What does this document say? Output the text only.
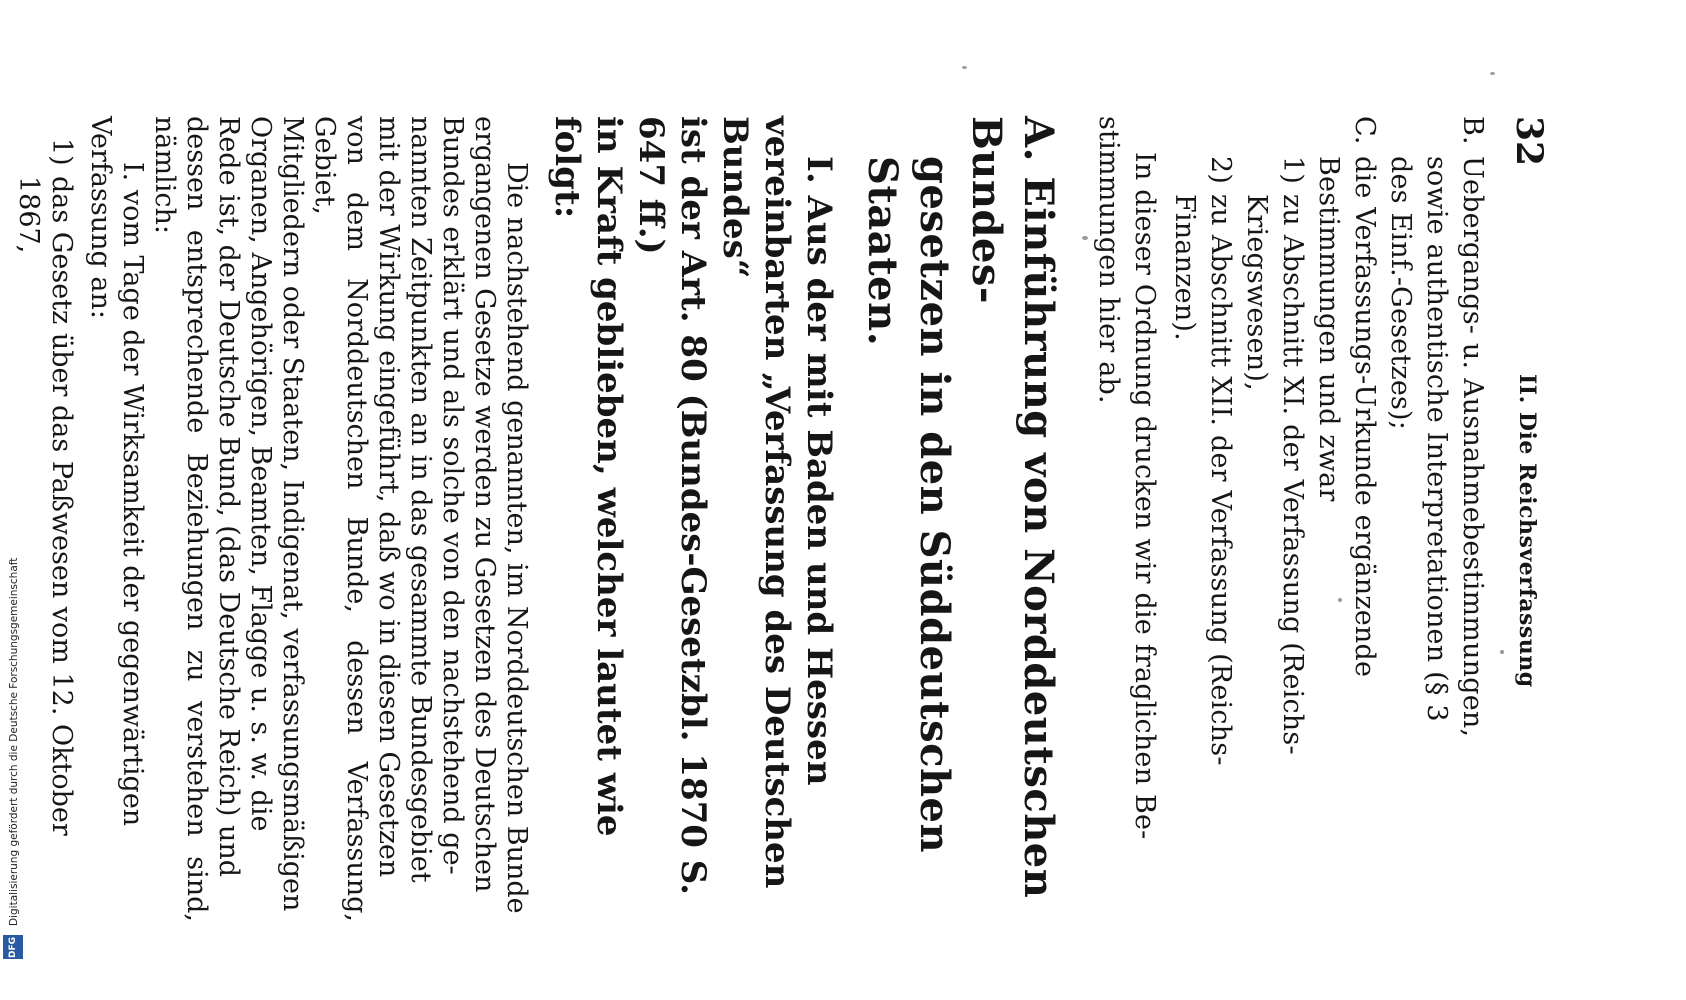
Digitalisierung gefördert durch die Deutsche Forschungsgemeinschaft
DFG
32
II. Die Reichsverfassung
B.
Uebergangs- u. Ausnahmebestimmungen,
sowie authentische Interpretationen (§ 3
des Einf.-Gesetzes);
C.
die Verfassungs-Urkunde ergänzende
Bestimmungen und zwar
1)
zu Abschnitt XI. der Verfassung (Reichs-
Kriegswesen),
2)
zu Abschnitt XII. der Verfassung (Reichs-
Finanzen).
In dieser Ordnung drucken wir die fraglichen Be-
stimmungen hier ab.
A. Einführung von Norddeutschen Bundes-
gesetzen in den Süddeutschen Staaten.
I. Aus der mit Baden und Hessen
vereinbarten „Verfassung des Deutschen Bundes“
ist der Art. 80 (Bundes-Gesetzbl. 1870 S. 647 ff.)
in Kraft geblieben, welcher lautet wie folgt:
Die nachstehend genannten, im Norddeutschen Bunde
ergangenen Gesetze werden zu Gesetzen des Deutschen
Bundes erklärt und als solche von den nachstehend ge-
nannten Zeitpunkten an in das gesammte Bundesgebiet
mit der Wirkung eingeführt, daß wo in diesen Gesetzen
von dem Norddeutschen Bunde, dessen Verfassung, Gebiet,
Mitgliedern oder Staaten, Indigenat, verfassungsmäßigen
Organen, Angehörigen, Beamten, Flagge u. s. w. die
Rede ist, der Deutsche Bund, (das Deutsche Reich) und
dessen entsprechende Beziehungen zu verstehen sind, nämlich:
I. vom Tage der Wirksamkeit der gegenwärtigen
Verfassung an:
1)
das Gesetz über das Paßwesen vom 12. Oktober
1867,
